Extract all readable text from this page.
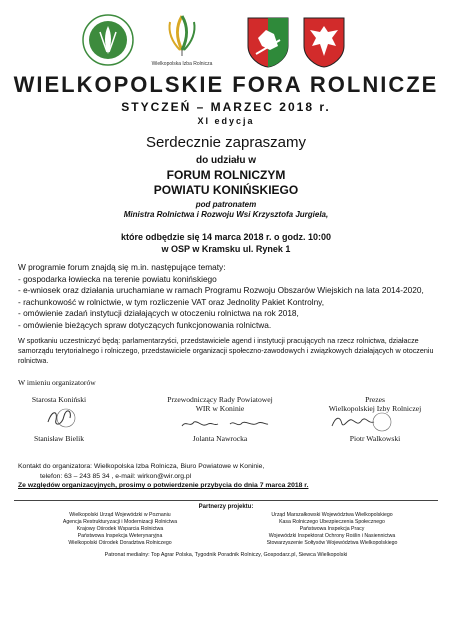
Wielkopolska Izba Rolnicza
WIELKOPOLSKIE FORA ROLNICZE
STYCZEŃ – MARZEC 2018 r.
XI edycja
Serdecznie zapraszamy
do udziału w
FORUM ROLNICZYM
POWIATU KONIŃSKIEGO
pod patronatem
Ministra Rolnictwa i Rozwoju Wsi Krzysztofa Jurgiela,
które odbędzie się 14 marca 2018 r. o godz. 10:00
w OSP w Kramsku ul. Rynek 1
W programie forum znajdą się m.in. następujące tematy:
- gospodarka łowiecka na terenie powiatu konińskiego
- e-wniosek oraz działania uruchamiane w ramach Programu Rozwoju Obszarów Wiejskich na lata 2014-2020,
- rachunkowość w rolnictwie, w tym rozliczenie VAT oraz Jednolity Pakiet Kontrolny,
- omówienie zadań instytucji działających w otoczeniu rolnictwa na rok 2018,
- omówienie bieżących spraw dotyczących funkcjonowania rolnictwa.
W spotkaniu uczestniczyć będą: parlamentarzyści, przedstawiciele agend i instytucji pracujących na rzecz rolnictwa, działacze samorządu terytorialnego i rolniczego, przedstawiciele organizacji społeczno-zawodowych i związkowych działających w otoczeniu rolnictwa.
W imieniu organizatorów
Starosta Koniński
Stanisław Bielik
Przewodniczący Rady Powiatowej
WIR w Koninie
Jolanta Nawrocka
Prezes
Wielkopolskiej Izby Rolniczej
Piotr Walkowski
Kontakt do organizatora: Wielkopolska Izba Rolnicza, Biuro Powiatowe w Koninie,
telefon: 63 – 243 85 34 , e-mail: wirkon@wir.org.pl
Ze względów organizacyjnych, prosimy o potwierdzenie przybycia do dnia 7 marca 2018 r.
Partnerzy projektu:
Wielkopolski Urząd Wojewódzki w Poznaniu
Agencja Restrukturyzacji i Modernizacji Rolnictwa
Krajowy Ośrodek Wsparcia Rolnictwa
Państwowa Inspekcja Weterynaryjna
Wielkopolski Ośrodek Doradztwa Rolniczego
Urząd Marszałkowski Województwa Wielkopolskiego
Kasa Rolniczego Ubezpieczenia Społecznego
Państwowa Inspekcja Pracy
Wojewódzki Inspektorat Ochrony Roślin i Nasiennictwa
Stowarzyszenie Sołtysów Województwa Wielkopolskiego
Patronat medialny: Top Agrar Polska, Tygodnik Poradnik Rolniczy, Gospodarz.pl, Siewca Wielkopolski
